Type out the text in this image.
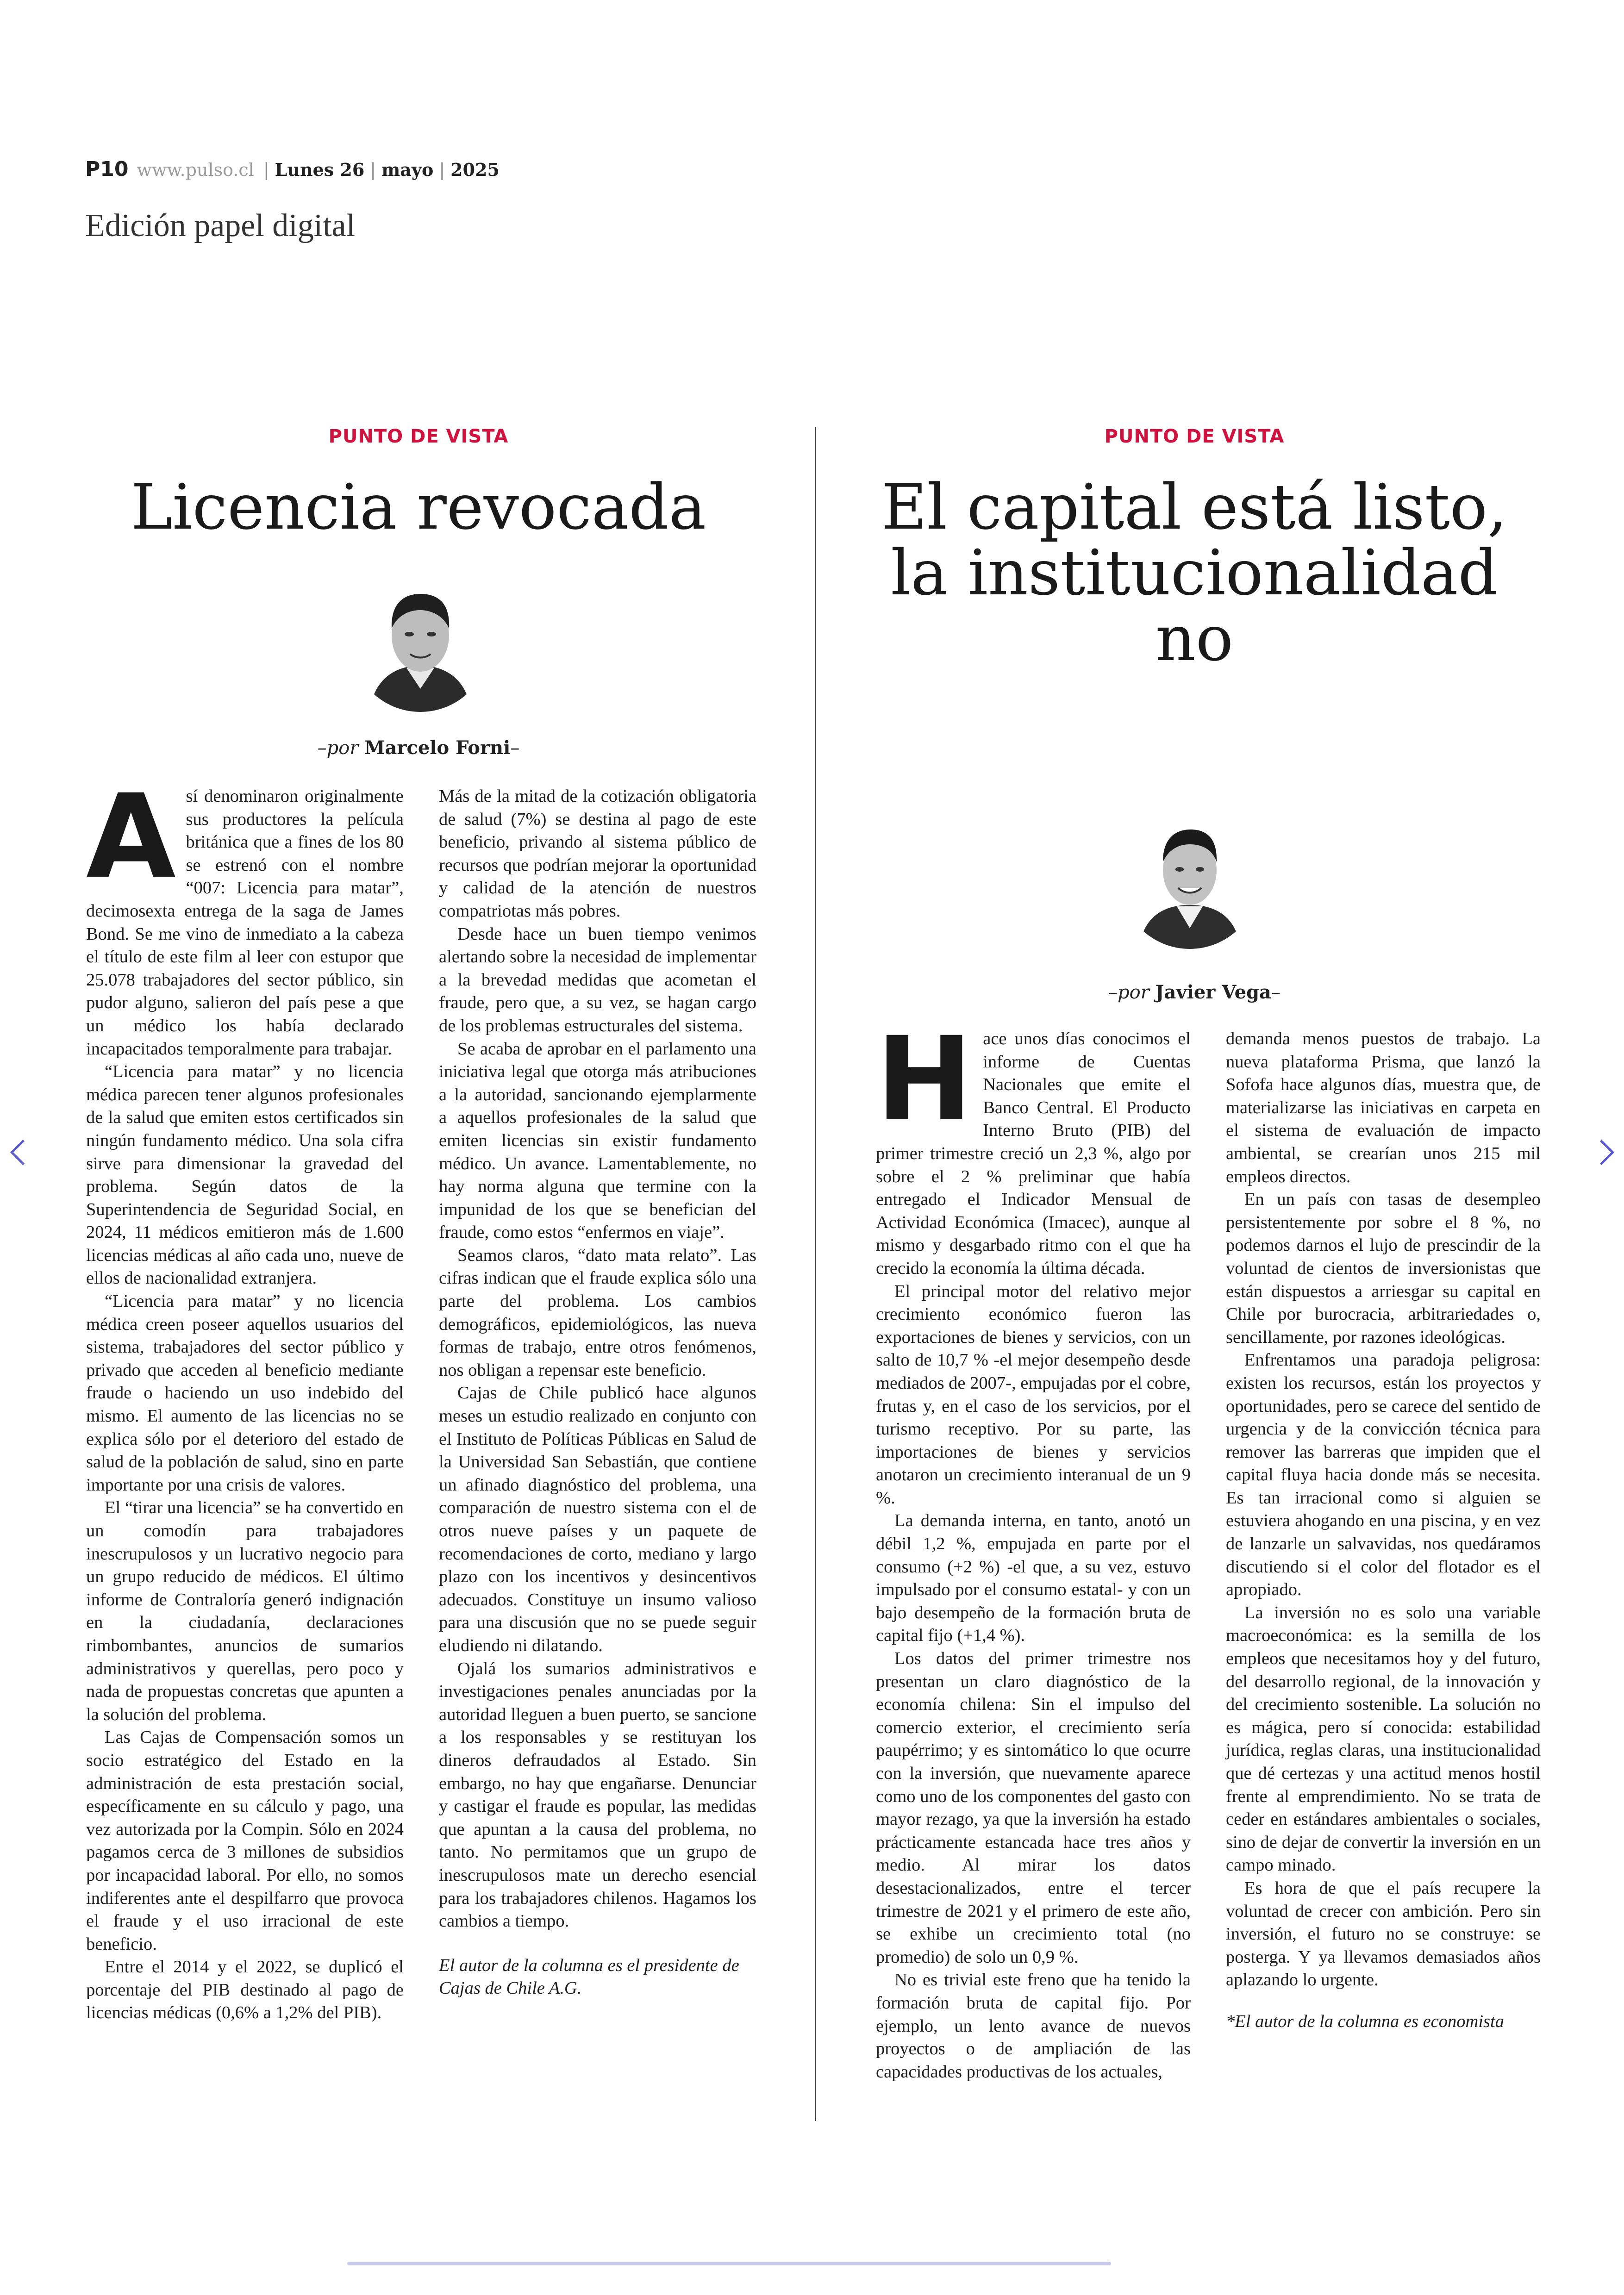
P10 www.pulso.cl | Lunes 26 | mayo | 2025
Edición papel digital
PUNTO DE VISTA
Licencia revocada
–por Marcelo Forni–

Así denominaron originalmente sus productores la película británica que a fines de los 80 se estrenó con el nombre “007: Licencia para matar”, decimosexta entrega de la saga de James Bond. Se me vino de inmediato a la cabeza el título de este film al leer con estupor que 25.078 trabajadores del sector público, sin pudor alguno, salieron del país pese a que un médico los había declarado incapacitados temporalmente para trabajar.

“Licencia para matar” y no licencia médica parecen tener algunos profesionales de la salud que emiten estos certificados sin ningún fundamento médico. Una sola cifra sirve para dimensionar la gravedad del problema. Según datos de la Superintendencia de Seguridad Social, en 2024, 11 médicos emitieron más de 1.600 licencias médicas al año cada uno, nueve de ellos de nacionalidad extranjera.

“Licencia para matar” y no licencia médica creen poseer aquellos usuarios del sistema, trabajadores del sector público y privado que acceden al beneficio mediante fraude o haciendo un uso indebido del mismo. El aumento de las licencias no se explica sólo por el deterioro del estado de salud de la población de salud, sino en parte importante por una crisis de valores.

El “tirar una licencia” se ha convertido en un comodín para trabajadores inescrupulosos y un lucrativo negocio para un grupo reducido de médicos. El último informe de Contraloría generó indignación en la ciudadanía, declaraciones rimbombantes, anuncios de sumarios administrativos y querellas, pero poco y nada de propuestas concretas que apunten a la solución del problema.

Las Cajas de Compensación somos un socio estratégico del Estado en la administración de esta prestación social, específicamente en su cálculo y pago, una vez autorizada por la Compin. Sólo en 2024 pagamos cerca de 3 millones de subsidios por incapacidad laboral. Por ello, no somos indiferentes ante el despilfarro que provoca el fraude y el uso irracional de este beneficio.

Entre el 2014 y el 2022, se duplicó el porcentaje del PIB destinado al pago de licencias médicas (0,6% a 1,2% del PIB).

Más de la mitad de la cotización obligatoria de salud (7%) se destina al pago de este beneficio, privando al sistema público de recursos que podrían mejorar la oportunidad y calidad de la atención de nuestros compatriotas más pobres.

Desde hace un buen tiempo venimos alertando sobre la necesidad de implementar a la brevedad medidas que acometan el fraude, pero que, a su vez, se hagan cargo de los problemas estructurales del sistema.

Se acaba de aprobar en el parlamento una iniciativa legal que otorga más atribuciones a la autoridad, sancionando ejemplarmente a aquellos profesionales de la salud que emiten licencias sin existir fundamento médico. Un avance. Lamentablemente, no hay norma alguna que termine con la impunidad de los que se benefician del fraude, como estos “enfermos en viaje”.

Seamos claros, “dato mata relato”. Las cifras indican que el fraude explica sólo una parte del problema. Los cambios demográficos, epidemiológicos, las nueva formas de trabajo, entre otros fenómenos, nos obligan a repensar este beneficio.

Cajas de Chile publicó hace algunos meses un estudio realizado en conjunto con el Instituto de Políticas Públicas en Salud de la Universidad San Sebastián, que contiene un afinado diagnóstico del problema, una comparación de nuestro sistema con el de otros nueve países y un paquete de recomendaciones de corto, mediano y largo plazo con los incentivos y desincentivos adecuados. Constituye un insumo valioso para una discusión que no se puede seguir eludiendo ni dilatando.

Ojalá los sumarios administrativos e investigaciones penales anunciadas por la autoridad lleguen a buen puerto, se sancione a los responsables y se restituyan los dineros defraudados al Estado. Sin embargo, no hay que engañarse. Denunciar y castigar el fraude es popular, las medidas que apuntan a la causa del problema, no tanto. No permitamos que un grupo de inescrupulosos mate un derecho esencial para los trabajadores chilenos. Hagamos los cambios a tiempo.

El autor de la columna es el presidente de Cajas de Chile A.G.

PUNTO DE VISTA
El capital está listo, la institucionalidad no
–por Javier Vega–

Hace unos días conocimos el informe de Cuentas Nacionales que emite el Banco Central. El Producto Interno Bruto (PIB) del primer trimestre creció un 2,3 %, algo por sobre el 2 % preliminar que había entregado el Indicador Mensual de Actividad Económica (Imacec), aunque al mismo y desgarbado ritmo con el que ha crecido la economía la última década.

El principal motor del relativo mejor crecimiento económico fueron las exportaciones de bienes y servicios, con un salto de 10,7 % -el mejor desempeño desde mediados de 2007-, empujadas por el cobre, frutas y, en el caso de los servicios, por el turismo receptivo. Por su parte, las importaciones de bienes y servicios anotaron un crecimiento interanual de un 9 %.

La demanda interna, en tanto, anotó un débil 1,2 %, empujada en parte por el consumo (+2 %) -el que, a su vez, estuvo impulsado por el consumo estatal- y con un bajo desempeño de la formación bruta de capital fijo (+1,4 %).

Los datos del primer trimestre nos presentan un claro diagnóstico de la economía chilena: Sin el impulso del comercio exterior, el crecimiento sería paupérrimo; y es sintomático lo que ocurre con la inversión, que nuevamente aparece como uno de los componentes del gasto con mayor rezago, ya que la inversión ha estado prácticamente estancada hace tres años y medio. Al mirar los datos desestacionalizados, entre el tercer trimestre de 2021 y el primero de este año, se exhibe un crecimiento total (no promedio) de solo un 0,9 %.

No es trivial este freno que ha tenido la formación bruta de capital fijo. Por ejemplo, un lento avance de nuevos proyectos o de ampliación de las capacidades productivas de los actuales,

demanda menos puestos de trabajo. La nueva plataforma Prisma, que lanzó la Sofofa hace algunos días, muestra que, de materializarse las iniciativas en carpeta en el sistema de evaluación de impacto ambiental, se crearían unos 215 mil empleos directos.

En un país con tasas de desempleo persistentemente por sobre el 8 %, no podemos darnos el lujo de prescindir de la voluntad de cientos de inversionistas que están dispuestos a arriesgar su capital en Chile por burocracia, arbitrariedades o, sencillamente, por razones ideológicas.

Enfrentamos una paradoja peligrosa: existen los recursos, están los proyectos y oportunidades, pero se carece del sentido de urgencia y de la convicción técnica para remover las barreras que impiden que el capital fluya hacia donde más se necesita. Es tan irracional como si alguien se estuviera ahogando en una piscina, y en vez de lanzarle un salvavidas, nos quedáramos discutiendo si el color del flotador es el apropiado.

La inversión no es solo una variable macroeconómica: es la semilla de los empleos que necesitamos hoy y del futuro, del desarrollo regional, de la innovación y del crecimiento sostenible. La solución no es mágica, pero sí conocida: estabilidad jurídica, reglas claras, una institucionalidad que dé certezas y una actitud menos hostil frente al emprendimiento. No se trata de ceder en estándares ambientales o sociales, sino de dejar de convertir la inversión en un campo minado.

Es hora de que el país recupere la voluntad de crecer con ambición. Pero sin inversión, el futuro no se construye: se posterga. Y ya llevamos demasiados años aplazando lo urgente.

*El autor de la columna es economista
